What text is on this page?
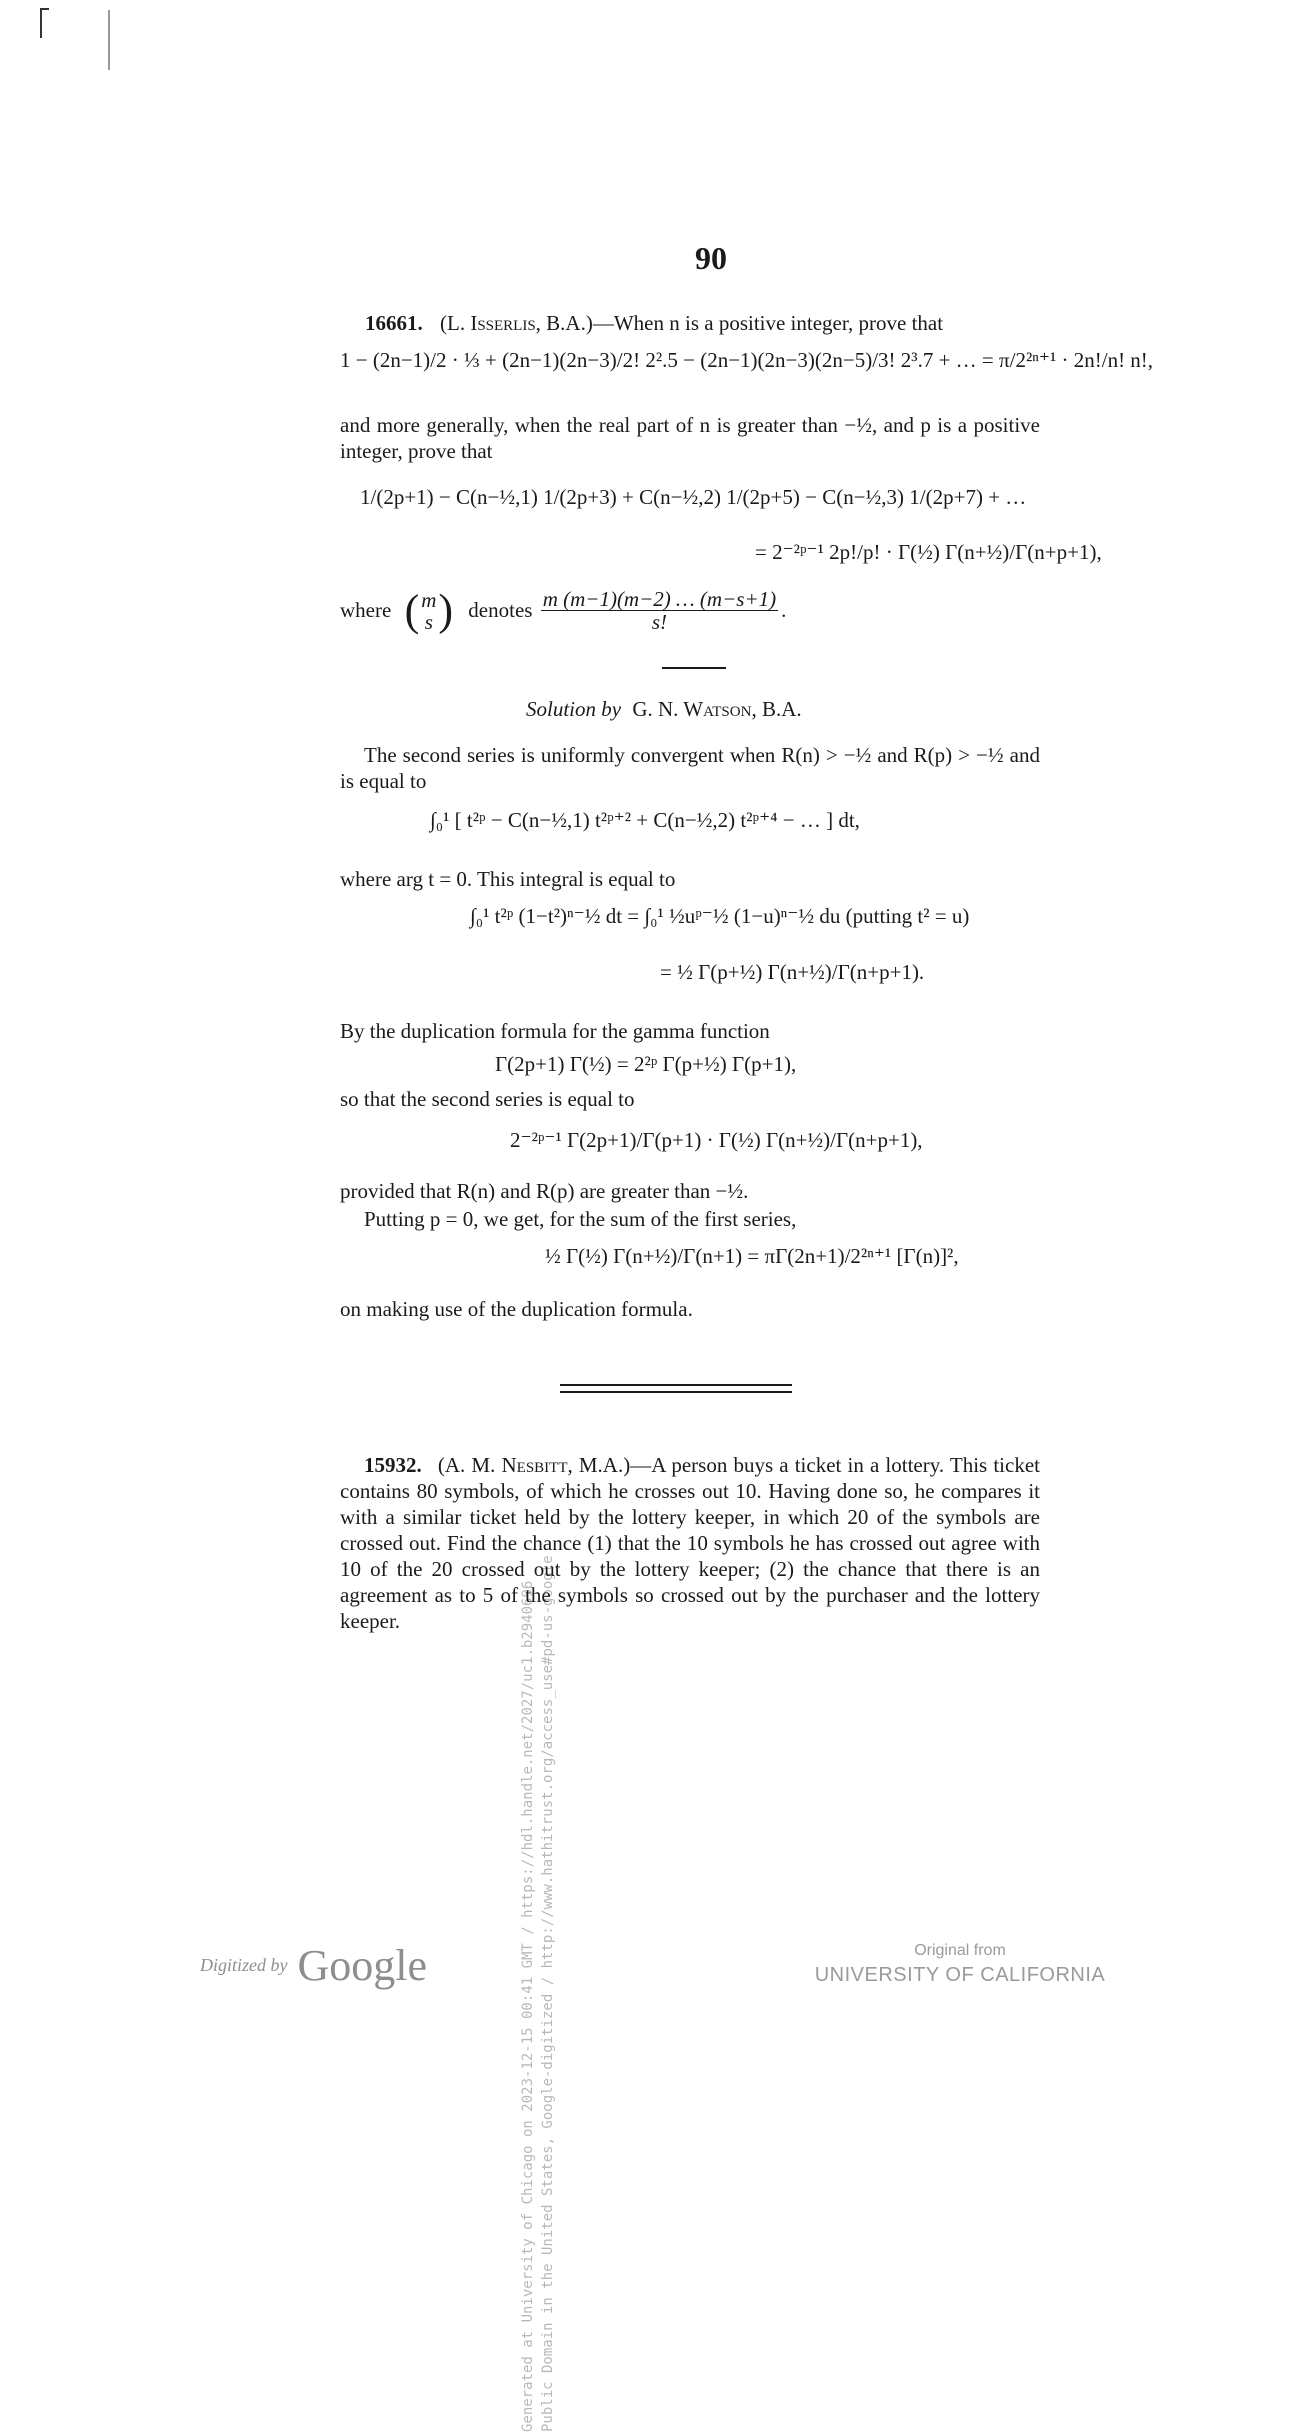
Generated at University of Chicago on 2023-12-15 00:41 GMT / https://hdl.handle.net/2027/uc1.b2940696 Public Domain in the United States, Google-digitized / http://www.hathitrust.org/access_use#pd-us-google
90
16661. (L. Isserlis, B.A.)—When n is a positive integer, prove that
1 − (2n−1)/2 · ⅓ + (2n−1)(2n−3)/2! 2².5 − (2n−1)(2n−3)(2n−5)/3! 2³.7 + … = π/2²ⁿ⁺¹ · 2n!/n! n!,
and more generally, when the real part of n is greater than −½, and p is a positive integer, prove that
1/(2p+1) − C(n−½,1) 1/(2p+3) + C(n−½,2) 1/(2p+5) − C(n−½,3) 1/(2p+7) + …
= 2⁻²ᵖ⁻¹ 2p!/p! · Γ(½) Γ(n+½)/Γ(n+p+1),
where ( m
s ) denotes $\frac{m (m-1)(m-2) \dots (m-s+1)}{s!}$ .
Solution by G. N. Watson, B.A.
The second series is uniformly convergent when R(n) > −½ and R(p) > −½ and is equal to
∫₀¹ [ t²ᵖ − C(n−½,1) t²ᵖ⁺² + C(n−½,2) t²ᵖ⁺⁴ − … ] dt,
where arg t = 0. This integral is equal to
∫₀¹ t²ᵖ (1−t²)ⁿ⁻½ dt = ∫₀¹ ½uᵖ⁻½ (1−u)ⁿ⁻½ du (putting t² = u)
= ½ Γ(p+½) Γ(n+½)/Γ(n+p+1).
By the duplication formula for the gamma function
Γ(2p+1) Γ(½) = 2²ᵖ Γ(p+½) Γ(p+1),
so that the second series is equal to
2⁻²ᵖ⁻¹ Γ(2p+1)/Γ(p+1) · Γ(½) Γ(n+½)/Γ(n+p+1),
provided that R(n) and R(p) are greater than −½.
Putting p = 0, we get, for the sum of the first series,
½ Γ(½) Γ(n+½)/Γ(n+1) = πΓ(2n+1)/2²ⁿ⁺¹ [Γ(n)]²,
on making use of the duplication formula.
15932. (A. M. Nesbitt, M.A.)—A person buys a ticket in a lottery. This ticket contains 80 symbols, of which he crosses out 10. Having done so, he compares it with a similar ticket held by the lottery keeper, in which 20 of the symbols are crossed out. Find the chance (1) that the 10 symbols he has crossed out agree with 10 of the 20 crossed out by the lottery keeper; (2) the chance that there is an agreement as to 5 of the symbols so crossed out by the purchaser and the lottery keeper.
Digitized by Google	Original from
UNIVERSITY OF CALIFORNIA
